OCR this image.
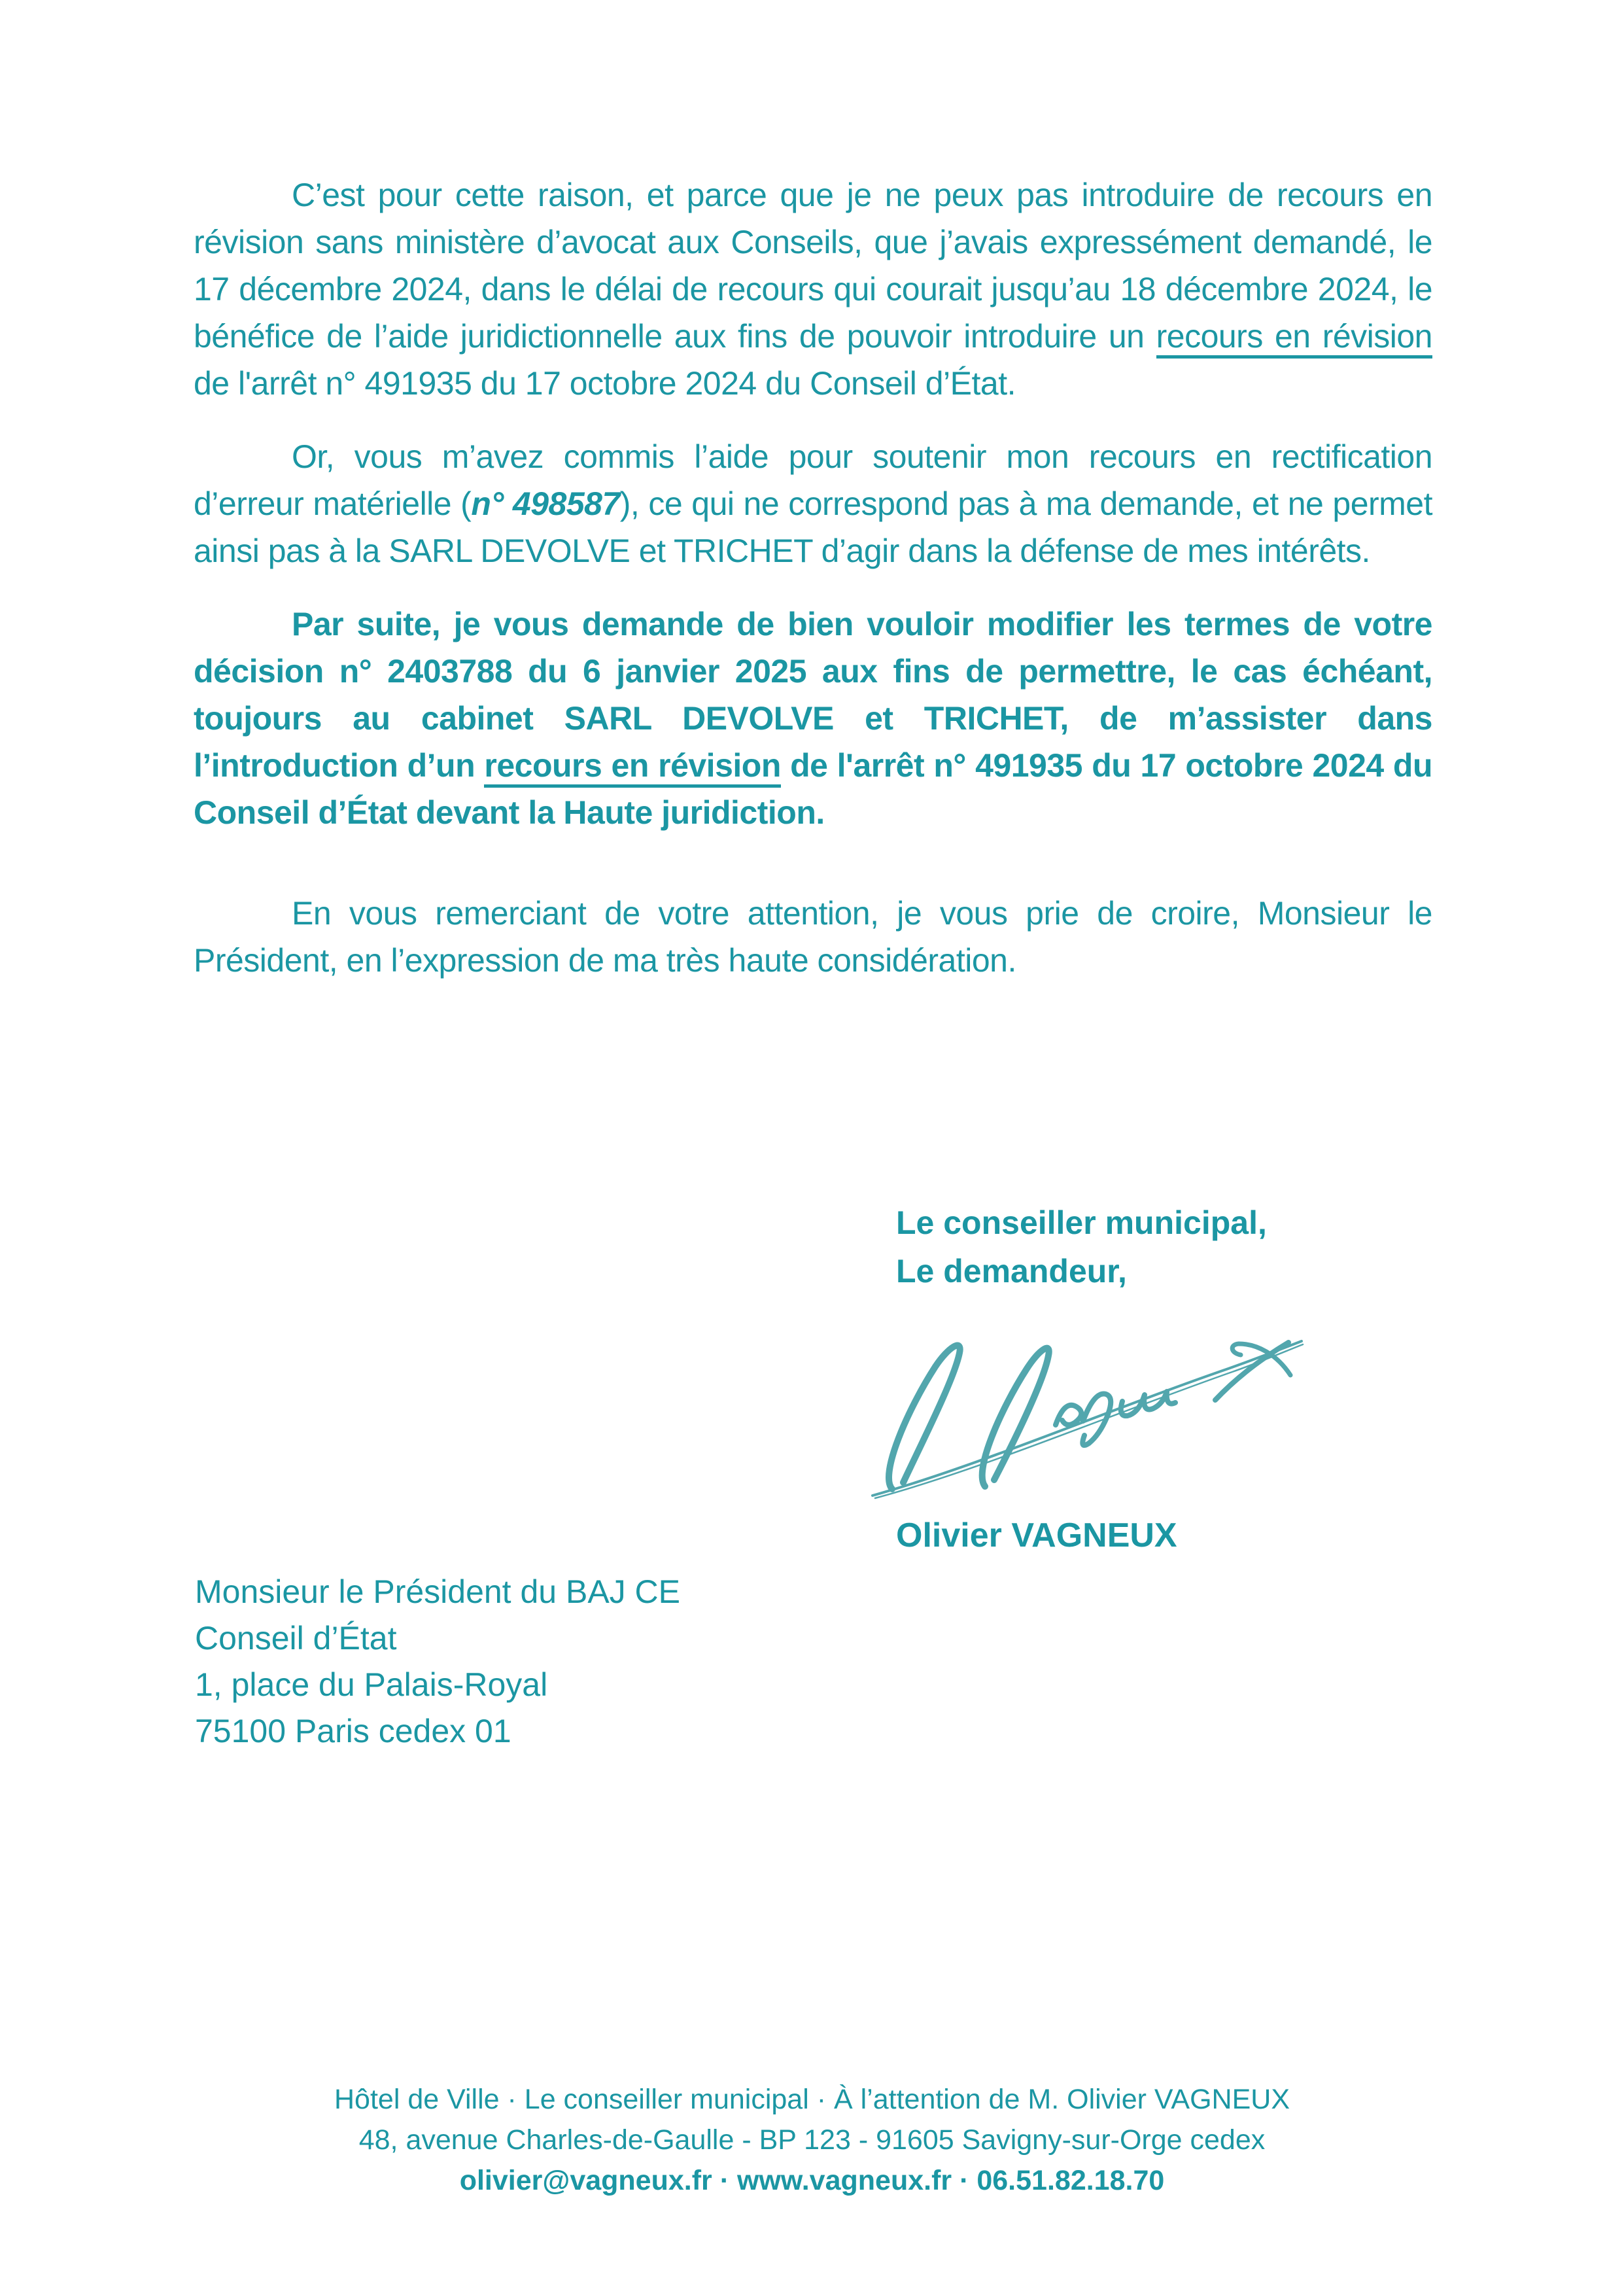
C’est pour cette raison, et parce que je ne peux pas introduire de recours en révision sans ministère d’avocat aux Conseils, que j’avais expressément demandé, le 17 décembre 2024, dans le délai de recours qui courait jusqu’au 18 décembre 2024, le bénéfice de l’aide juridictionnelle aux fins de pouvoir introduire un recours en révision de l'arrêt n° 491935 du 17 octobre 2024 du Conseil d’État.

Or, vous m’avez commis l’aide pour soutenir mon recours en rectification d’erreur matérielle (n° 498587), ce qui ne correspond pas à ma demande, et ne permet ainsi pas à la SARL DEVOLVE et TRICHET d’agir dans la défense de mes intérêts.

Par suite, je vous demande de bien vouloir modifier les termes de votre décision n° 2403788 du 6 janvier 2025 aux fins de permettre, le cas échéant, toujours au cabinet SARL DEVOLVE et TRICHET, de m’assister dans l’introduction d’un recours en révision de l'arrêt n° 491935 du 17 octobre 2024 du Conseil d’État devant la Haute juridiction.

En vous remerciant de votre attention, je vous prie de croire, Monsieur le Président, en l’expression de ma très haute considération.

Le conseiller municipal,
Le demandeur,
Olivier VAGNEUX
Monsieur le Président du BAJ CE
Conseil d’État
1, place du Palais-Royal
75100 Paris cedex 01
Hôtel de Ville · Le conseiller municipal · À l’attention de M. Olivier VAGNEUX
48, avenue Charles-de-Gaulle - BP 123 - 91605 Savigny-sur-Orge cedex
olivier@vagneux.fr · www.vagneux.fr · 06.51.82.18.70
